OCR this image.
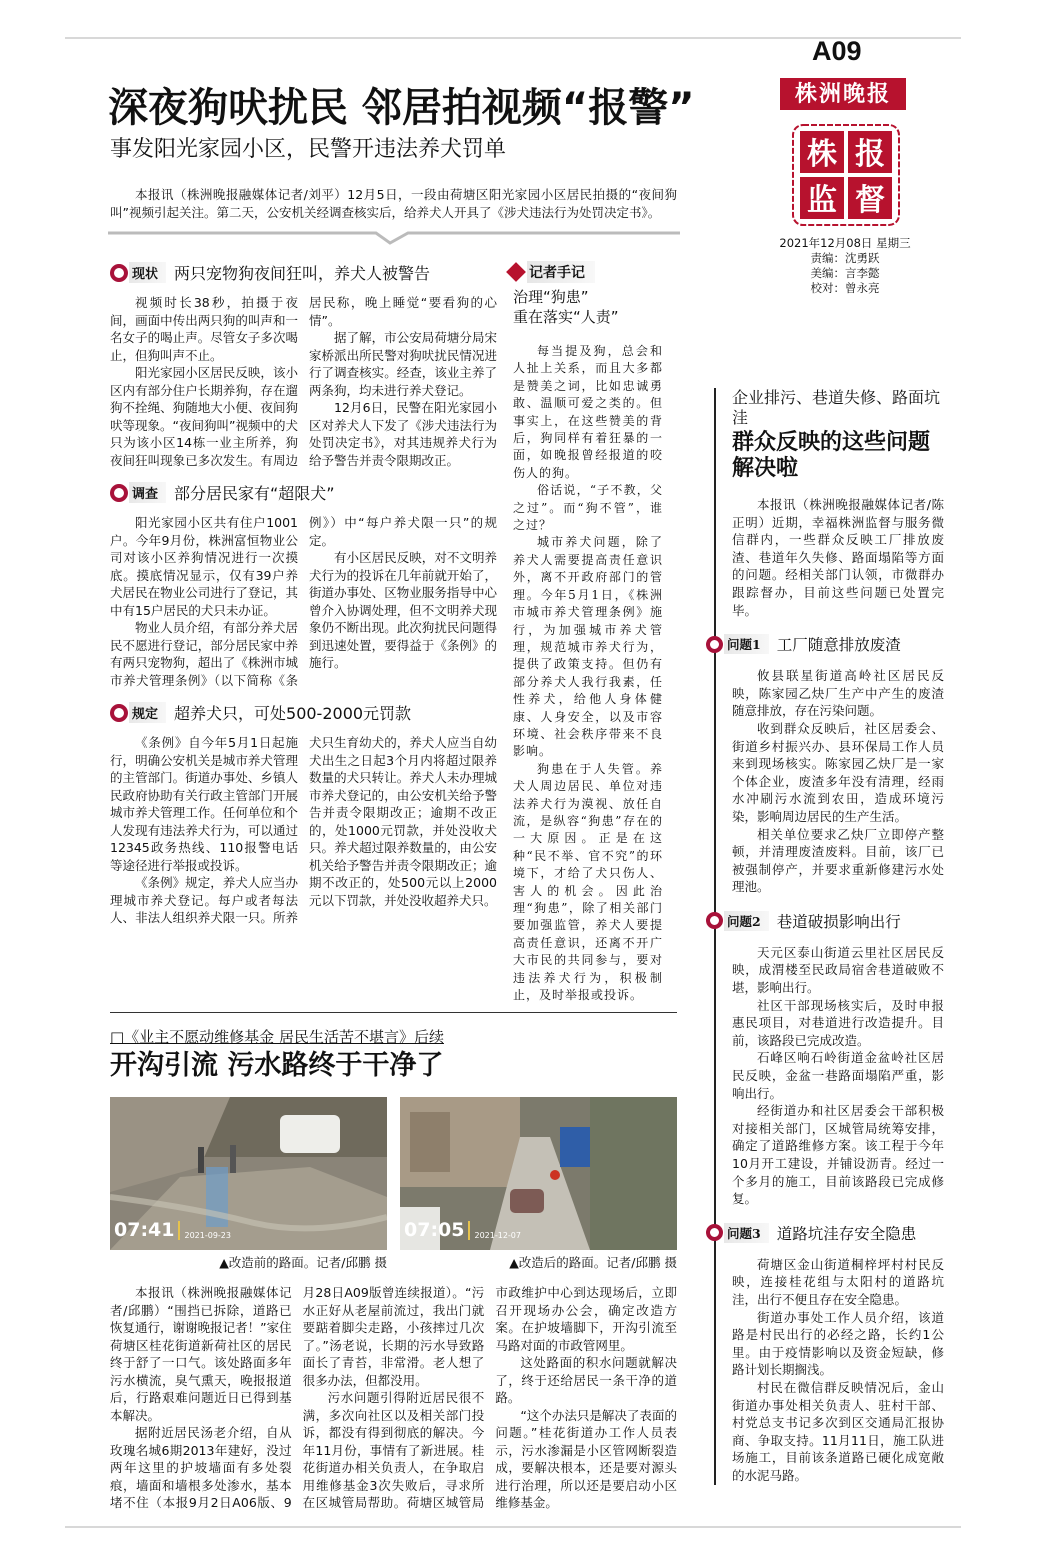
A09
株洲晚报
株 报
监 督
2021年12月08日 星期三
责编：沈勇跃
美编：言李懿
校对：曾永亮
深夜狗吠扰民 邻居拍视频“报警”
事发阳光家园小区，民警开违法养犬罚单

本报讯（株洲晚报融媒体记者/刘平）12月5日，一段由荷塘区阳光家园小区居民拍摄的“夜间狗叫”视频引起关注。第二天，公安机关经调查核实后，给养犬人开具了《涉犬违法行为处罚决定书》。

现状	两只宠物狗夜间狂叫，养犬人被警告

视频时长38秒，拍摄于夜间，画面中传出两只狗的叫声和一名女子的喝止声。尽管女子多次喝止，但狗叫声不止。

阳光家园小区居民反映，该小区内有部分住户长期养狗，存在遛狗不拴绳、狗随地大小便、夜间狗吠等现象。“夜间狗叫”视频中的犬只为该小区14栋一业主所养，狗夜间狂叫现象已多次发生。有周边居民称，晚上睡觉“要看狗的心情”。

据了解，市公安局荷塘分局宋家桥派出所民警对狗吠扰民情况进行了调查核实。经查，该业主养了两条狗，均未进行养犬登记。

12月6日，民警在阳光家园小区对养犬人下发了《涉犬违法行为处罚决定书》，对其违规养犬行为给予警告并责令限期改正。

调查	部分居民家有“超限犬”

阳光家园小区共有住户1001户。今年9月份，株洲富恒物业公司对该小区养狗情况进行一次摸底。摸底情况显示，仅有39户养犬居民在物业公司进行了登记，其中有15户居民的犬只未办证。

物业人员介绍，有部分养犬居民不愿进行登记，部分居民家中养有两只宠物狗，超出了《株洲市城市养犬管理条例》（以下简称《条例》）中“每户养犬限一只”的规定。

有小区居民反映，对不文明养犬行为的投诉在几年前就开始了，街道办事处、区物业服务指导中心曾介入协调处理，但不文明养犬现象仍不断出现。此次狗扰民问题得到迅速处置，要得益于《条例》的施行。

规定	超养犬只，可处500-2000元罚款

《条例》自今年5月1日起施行，明确公安机关是城市养犬管理的主管部门。街道办事处、乡镇人民政府协助有关行政主管部门开展城市养犬管理工作。任何单位和个人发现有违法养犬行为，可以通过12345政务热线、110报警电话等途径进行举报或投诉。

《条例》规定，养犬人应当办理城市养犬登记。每户或者每法人、非法人组织养犬限一只。所养犬只生育幼犬的，养犬人应当自幼犬出生之日起3个月内将超过限养数量的犬只转让。养犬人未办理城市养犬登记的，由公安机关给予警告并责令限期改正；逾期不改正的，处1000元罚款，并处没收犬只。养犬超过限养数量的，由公安机关给予警告并责令限期改正；逾期不改正的，处500元以上2000元以下罚款，并处没收超养犬只。

记者手记
治理“狗患”
重在落实“人责”

每当提及狗，总会和人扯上关系，而且大多都是赞美之词，比如忠诚勇敢、温顺可爱之类的。但事实上，在这些赞美的背后，狗同样有着狂暴的一面，如晚报曾经报道的咬伤人的狗。

俗话说，“子不教，父之过”。而“狗不管”，谁之过？

城市养犬问题，除了养犬人需要提高责任意识外，离不开政府部门的管理。今年5月1日，《株洲市城市养犬管理条例》施行，为加强城市养犬管理，规范城市养犬行为，提供了政策支持。但仍有部分养犬人我行我素，任性养犬，给他人身体健康、人身安全，以及市容环境、社会秩序带来不良影响。

狗患在于人失管。养犬人周边居民、单位对违法养犬行为漠视、放任自流，是纵容“狗患”存在的一大原因。正是在这种“民不举、官不究”的环境下，才给了犬只伤人、害人的机会。因此治理“狗患”，除了相关部门要加强监管，养犬人要提高责任意识，还离不开广大市民的共同参与，要对违法养犬行为，积极制止，及时举报或投诉。

□《业主不愿动维修基金 居民生活苦不堪言》后续
开沟引流 污水路终于干净了
07:41	2021-09-23
▲改造前的路面。记者/邱鹏 摄
07:05	2021-12-07
▲改造后的路面。记者/邱鹏 摄

本报讯（株洲晚报融媒体记者/邱鹏）“围挡已拆除，道路已恢复通行，谢谢晚报记者！”家住荷塘区桂花街道新荷社区的居民终于舒了一口气。该处路面多年污水横流，臭气熏天，晚报报道后，行路艰难问题近日已得到基本解决。

据附近居民汤老介绍，自从玫瑰名城6期2013年建好，没过两年这里的护坡墙面有多处裂痕，墙面和墙根多处渗水，基本堵不住（本报9月2日A06版、9月28日A09版曾连续报道）。“污水正好从老屋前流过，我出门就要踮着脚尖走路，小孩摔过几次了。”汤老说，长期的污水导致路面长了青苔，非常滑。老人想了很多办法，但都没用。

污水问题引得附近居民很不满，多次向社区以及相关部门投诉，都没有得到彻底的解决。今年11月份，事情有了新进展。桂花街道办相关负责人，在争取启用维修基金3次失败后，寻求所在区城管局帮助。荷塘区城管局市政维护中心到达现场后，立即召开现场办公会，确定改造方案。在护坡墙脚下，开沟引流至马路对面的市政管网里。

这处路面的积水问题就解决了，终于还给居民一条干净的道路。

“这个办法只是解决了表面的问题。”桂花街道办工作人员表示，污水渗漏是小区管网断裂造成，要解决根本，还是要对源头进行治理，所以还是要启动小区维修基金。

企业排污、巷道失修、路面坑洼
群众反映的这些问题解决啦

本报讯（株洲晚报融媒体记者/陈正明）近期，幸福株洲监督与服务微信群内，一些群众反映工厂排放废渣、巷道年久失修、路面塌陷等方面的问题。经相关部门认领，市微群办跟踪督办，目前这些问题已处置完毕。

问题1	工厂随意排放废渣

攸县联星街道高岭社区居民反映，陈家园乙炔厂生产中产生的废渣随意排放，存在污染问题。

收到群众反映后，社区居委会、街道乡村振兴办、县环保局工作人员来到现场核实。陈家园乙炔厂是一家个体企业，废渣多年没有清理，经雨水冲刷污水流到农田，造成环境污染，影响周边居民的生产生活。

相关单位要求乙炔厂立即停产整顿，并清理废渣废料。目前，该厂已被强制停产，并要求重新修建污水处理池。

问题2	巷道破损影响出行

天元区泰山街道云里社区居民反映，成渭楼至民政局宿舍巷道破败不堪，影响出行。

社区干部现场核实后，及时申报惠民项目，对巷道进行改造提升。目前，该路段已完成改造。

石峰区响石岭街道金盆岭社区居民反映，金盆一巷路面塌陷严重，影响出行。

经街道办和社区居委会干部积极对接相关部门，区城管局统筹安排，确定了道路维修方案。该工程于今年10月开工建设，并铺设沥青。经过一个多月的施工，目前该路段已完成修复。

问题3	道路坑洼存安全隐患

荷塘区金山街道桐梓坪村村民反映，连接桂花组与太阳村的道路坑洼，出行不便且存在安全隐患。

街道办事处工作人员介绍，该道路是村民出行的必经之路，长约1公里。由于疫情影响以及资金短缺，修路计划长期搁浅。

村民在微信群反映情况后，金山街道办事处相关负责人、驻村干部、村党总支书记多次到区交通局汇报协商、争取支持。11月11日，施工队进场施工，目前该条道路已硬化成宽敞的水泥马路。
